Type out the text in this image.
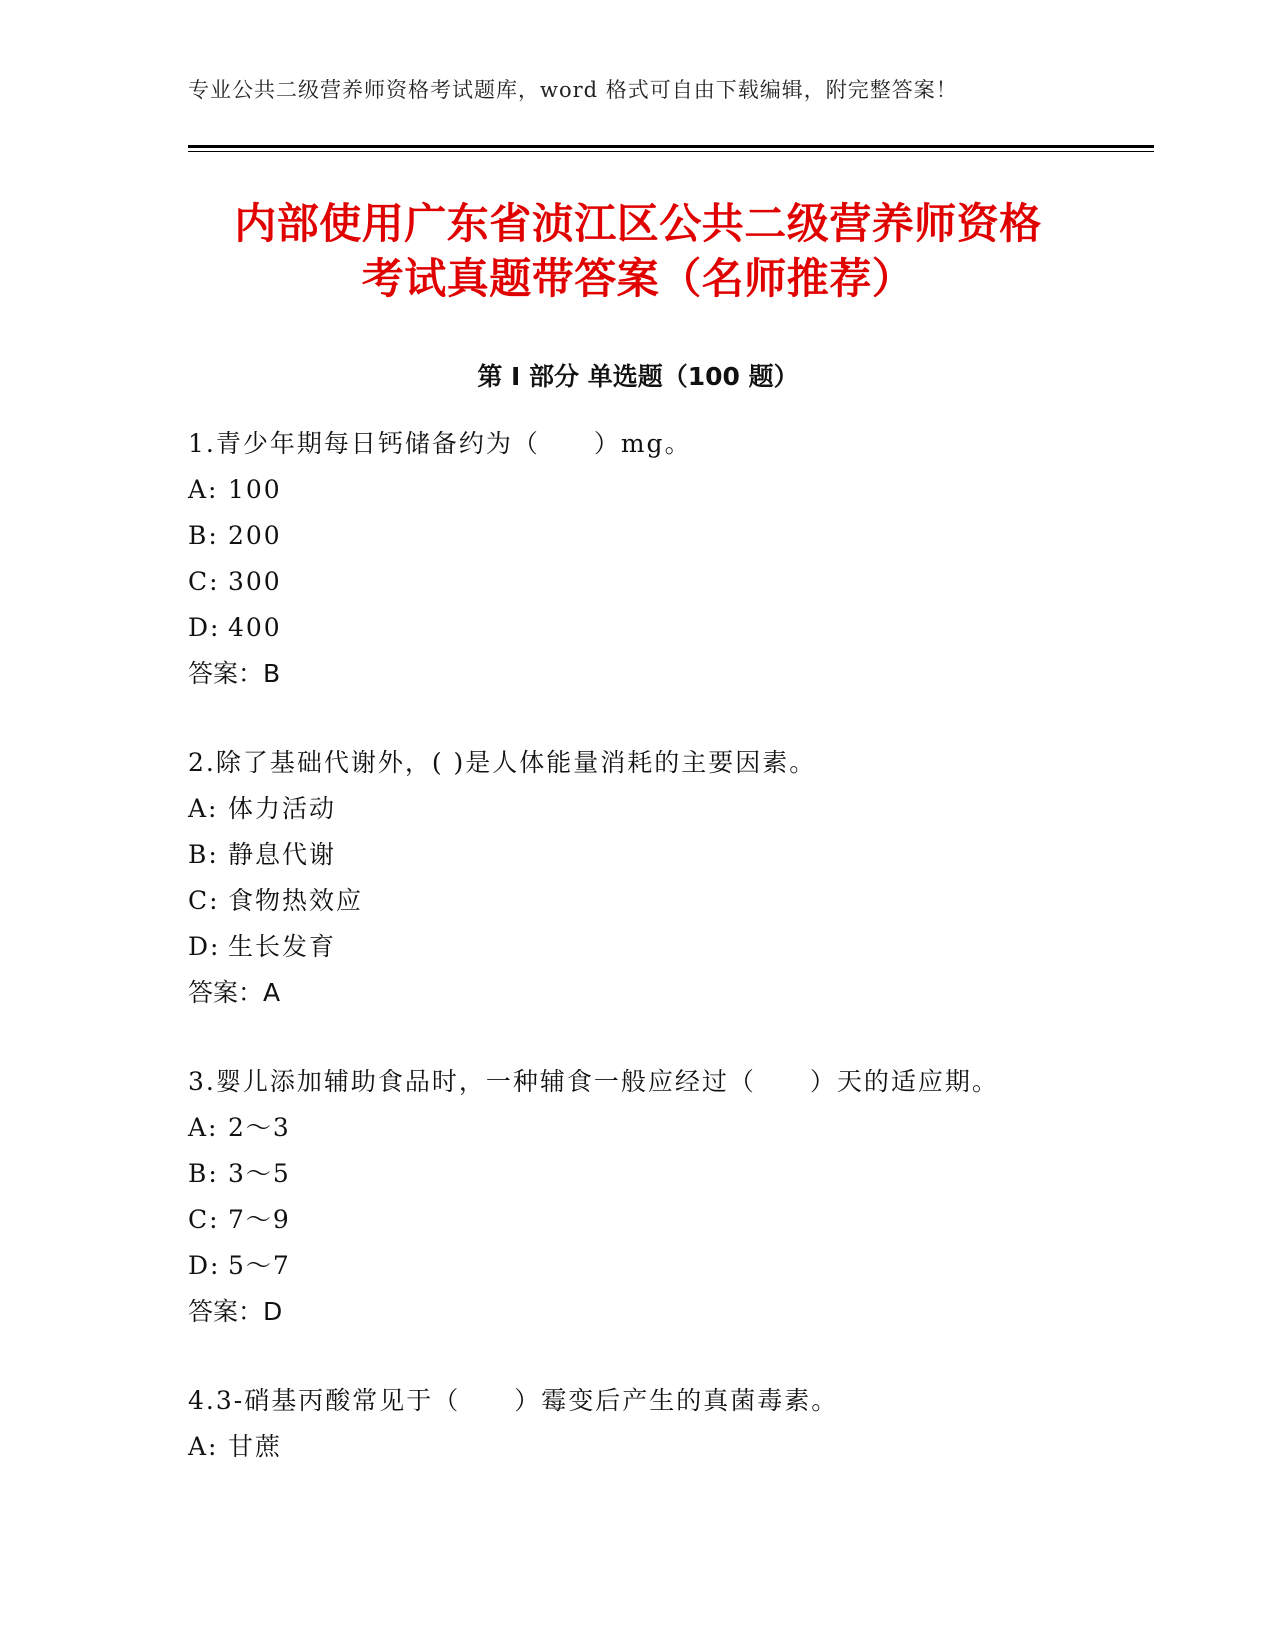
专业公共二级营养师资格考试题库，word 格式可自由下载编辑，附完整答案！
内部使用广东省浈江区公共二级营养师资格
考试真题带答案（名师推荐）
第 I 部分 单选题（100 题）
1.青少年期每日钙储备约为（　　）mg。
A: 100
B: 200
C: 300
D: 400
答案：B
2.除了基础代谢外，( )是人体能量消耗的主要因素。
A: 体力活动
B: 静息代谢
C: 食物热效应
D: 生长发育
答案：A
3.婴儿添加辅助食品时，一种辅食一般应经过（　　）天的适应期。
A: 2～3
B: 3～5
C: 7～9
D: 5～7
答案：D
4.3-硝基丙酸常见于（　　）霉变后产生的真菌毒素。
A: 甘蔗
